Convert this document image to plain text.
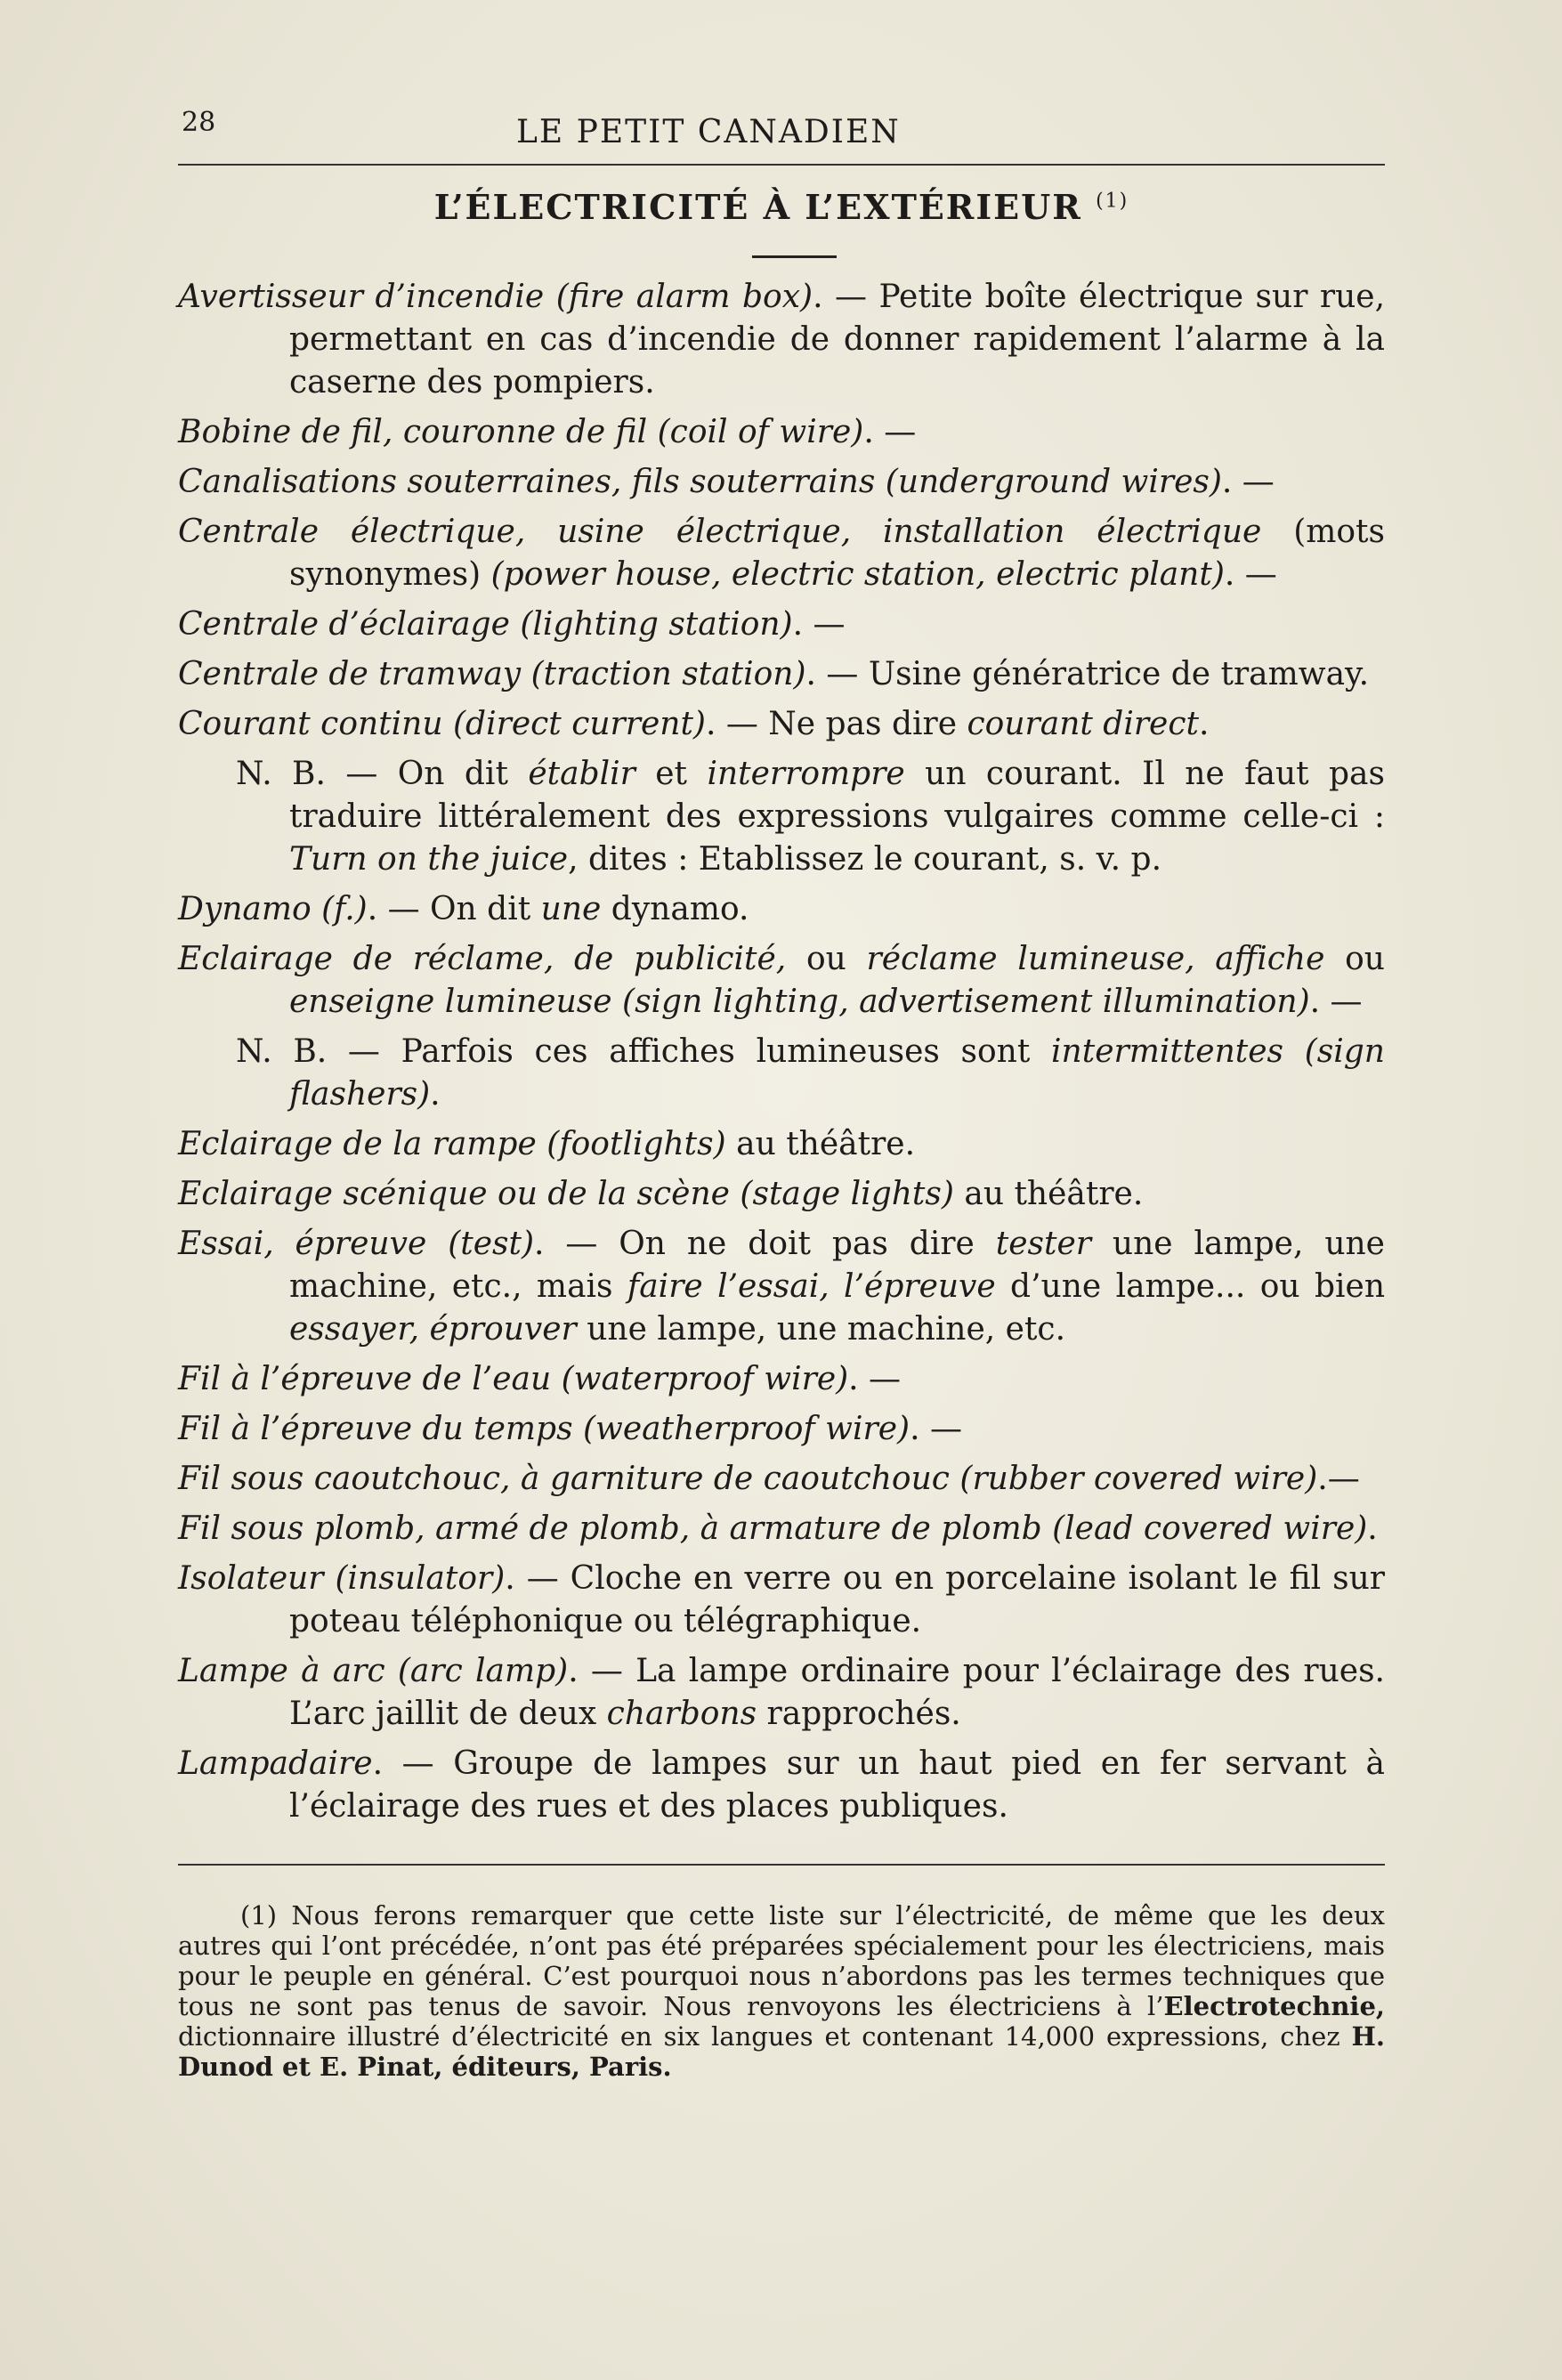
28	LE PETIT CANADIEN
L’ÉLECTRICITÉ À L’EXTÉRIEUR $^{(1)}$

Avertisseur d’incendie (fire alarm box). — Petite boîte électrique sur rue, permettant en cas d’incendie de donner rapidement l’alarme à la caserne des pompiers.

Bobine de fil, couronne de fil (coil of wire). —

Canalisations souterraines, fils souterrains (underground wires). —

Centrale électrique, usine électrique, installation électrique (mots synonymes) (power house, electric station, electric plant). —

Centrale d’éclairage (lighting station). —

Centrale de tramway (traction station). — Usine génératrice de tramway.

Courant continu (direct current). — Ne pas dire courant direct.

N. B. — On dit établir et interrompre un courant. Il ne faut pas traduire littéralement des expressions vulgaires comme celle-ci : Turn on the juice, dites : Etablissez le courant, s. v. p.

Dynamo (f.). — On dit une dynamo.

Eclairage de réclame, de publicité, ou réclame lumineuse, affiche ou enseigne lumineuse (sign lighting, advertisement illumination). —

N. B. — Parfois ces affiches lumineuses sont intermittentes (sign flashers).

Eclairage de la rampe (footlights) au théâtre.

Eclairage scénique ou de la scène (stage lights) au théâtre.

Essai, épreuve (test). — On ne doit pas dire tester une lampe, une machine, etc., mais faire l’essai, l’épreuve d’une lampe... ou bien essayer, éprouver une lampe, une machine, etc.

Fil à l’épreuve de l’eau (waterproof wire). —

Fil à l’épreuve du temps (weatherproof wire). —

Fil sous caoutchouc, à garniture de caoutchouc (rubber covered wire).—

Fil sous plomb, armé de plomb, à armature de plomb (lead covered wire).

Isolateur (insulator). — Cloche en verre ou en porcelaine isolant le fil sur poteau téléphonique ou télégraphique.

Lampe à arc (arc lamp). — La lampe ordinaire pour l’éclairage des rues. L’arc jaillit de deux charbons rapprochés.

Lampadaire. — Groupe de lampes sur un haut pied en fer servant à l’éclairage des rues et des places publiques.

(1) Nous ferons remarquer que cette liste sur l’électricité, de même que les deux autres qui l’ont précédée, n’ont pas été préparées spécialement pour les électriciens, mais pour le peuple en général. C’est pourquoi nous n’abordons pas les termes techniques que tous ne sont pas tenus de savoir. Nous renvoyons les électriciens à l’Electrotechnie, dictionnaire illustré d’électricité en six langues et contenant 14,000 expressions, chez H. Dunod et E. Pinat, éditeurs, Paris.
